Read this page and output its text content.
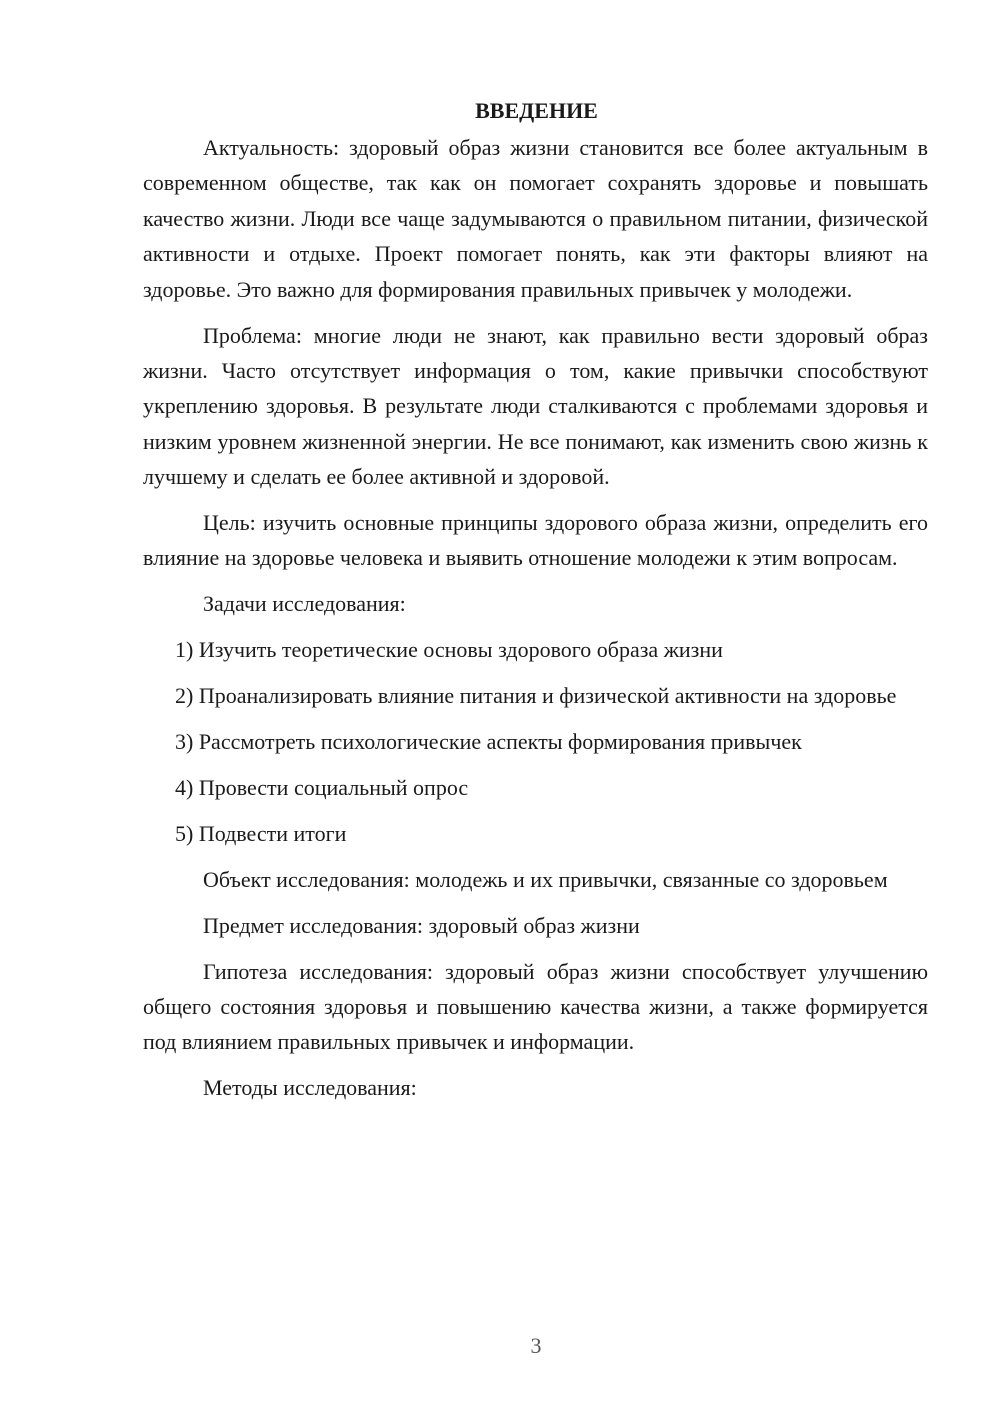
ВВЕДЕНИЕ

Актуальность: здоровый образ жизни становится все более актуальным в современном обществе, так как он помогает сохранять здоровье и повышать качество жизни. Люди все чаще задумываются о правильном питании, физической активности и отдыхе. Проект помогает понять, как эти факторы влияют на здоровье. Это важно для формирования правильных привычек у молодежи.

Проблема: многие люди не знают, как правильно вести здоровый образ жизни. Часто отсутствует информация о том, какие привычки способствуют укреплению здоровья. В результате люди сталкиваются с проблемами здоровья и низким уровнем жизненной энергии. Не все понимают, как изменить свою жизнь к лучшему и сделать ее более активной и здоровой.

Цель: изучить основные принципы здорового образа жизни, определить его влияние на здоровье человека и выявить отношение молодежи к этим вопросам.

Задачи исследования:

1) Изучить теоретические основы здорового образа жизни

2) Проанализировать влияние питания и физической активности на здоровье

3) Рассмотреть психологические аспекты формирования привычек

4) Провести социальный опрос

5) Подвести итоги

Объект исследования: молодежь и их привычки, связанные со здоровьем

Предмет исследования: здоровый образ жизни

Гипотеза исследования: здоровый образ жизни способствует улучшению общего состояния здоровья и повышению качества жизни, а также формируется под влиянием правильных привычек и информации.

Методы исследования:

3
